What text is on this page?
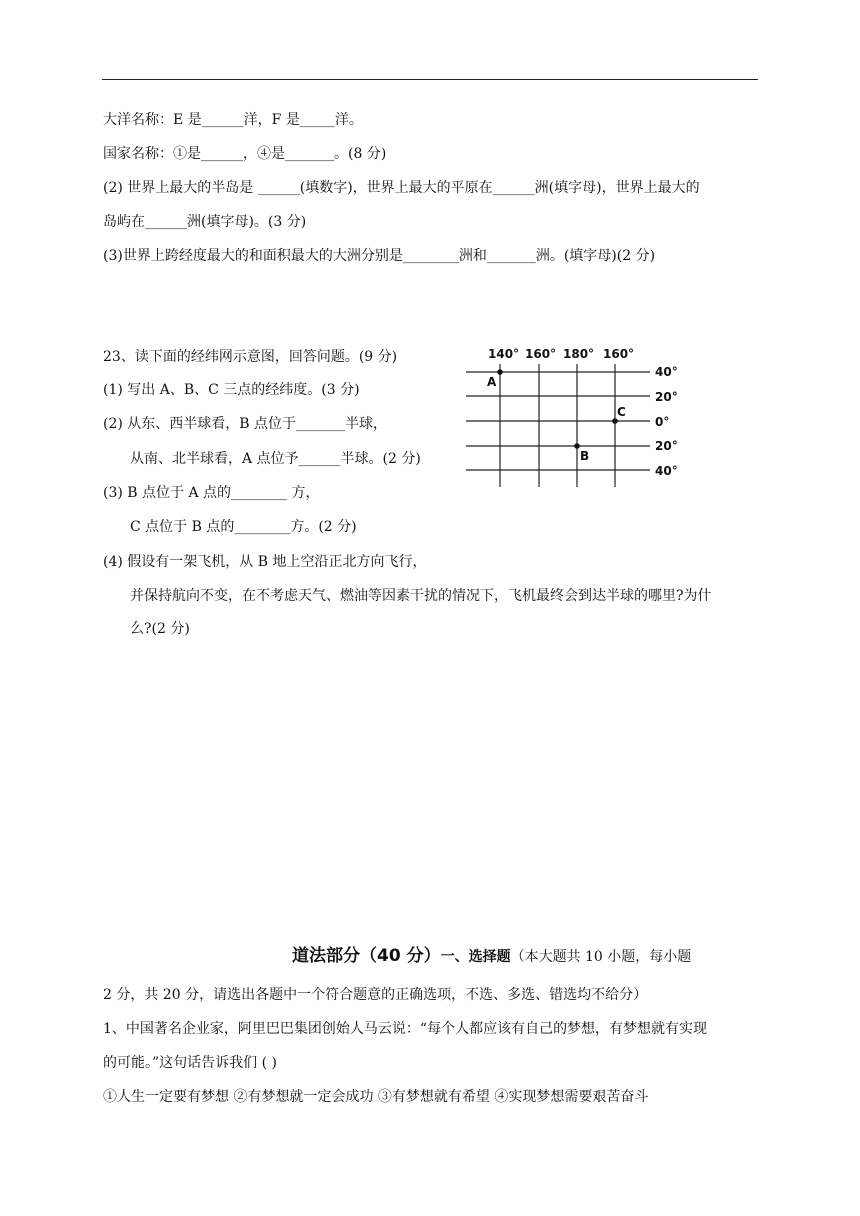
大洋名称：E 是______洋，F 是_____洋。
国家名称：①是______，④是_______。(8 分)
(2) 世界上最大的半岛是 ______(填数字)，世界上最大的平原在______洲(填字母)，世界上最大的
岛屿在______洲(填字母)。(3 分)
(3)世界上跨经度最大的和面积最大的大洲分别是________洲和_______洲。(填字母)(2 分)
23、读下面的经纬网示意图，回答问题。(9 分)
(1) 写出 A、B、C 三点的经纬度。(3 分)
(2) 从东、西半球看，B 点位于_______半球，
从南、北半球看，A 点位予______半球。(2 分)
(3) B 点位于 A 点的________ 方，
C 点位于 B 点的________方。(2 分)
(4) 假设有一架飞机，从 B 地上空沿正北方向飞行，
并保持航向不变，在不考虑天气、燃油等因素干扰的情况下，飞机最终会到达半球的哪里?为什
么?(2 分)
140° 160° 180° 160°
40°
20°
0°
20°
40°
A
B
C
道法部分（40 分）一、选择题（本大题共 10 小题，每小题
2 分，共 20 分，请选出各题中一个符合题意的正确选项，不选、多选、错选均不给分）
1、中国著名企业家，阿里巴巴集团创始人马云说：“每个人都应该有自己的梦想，有梦想就有实现
的可能。”这句话告诉我们 ( )
①人生一定要有梦想 ②有梦想就一定会成功 ③有梦想就有希望 ④实现梦想需要艰苦奋斗
